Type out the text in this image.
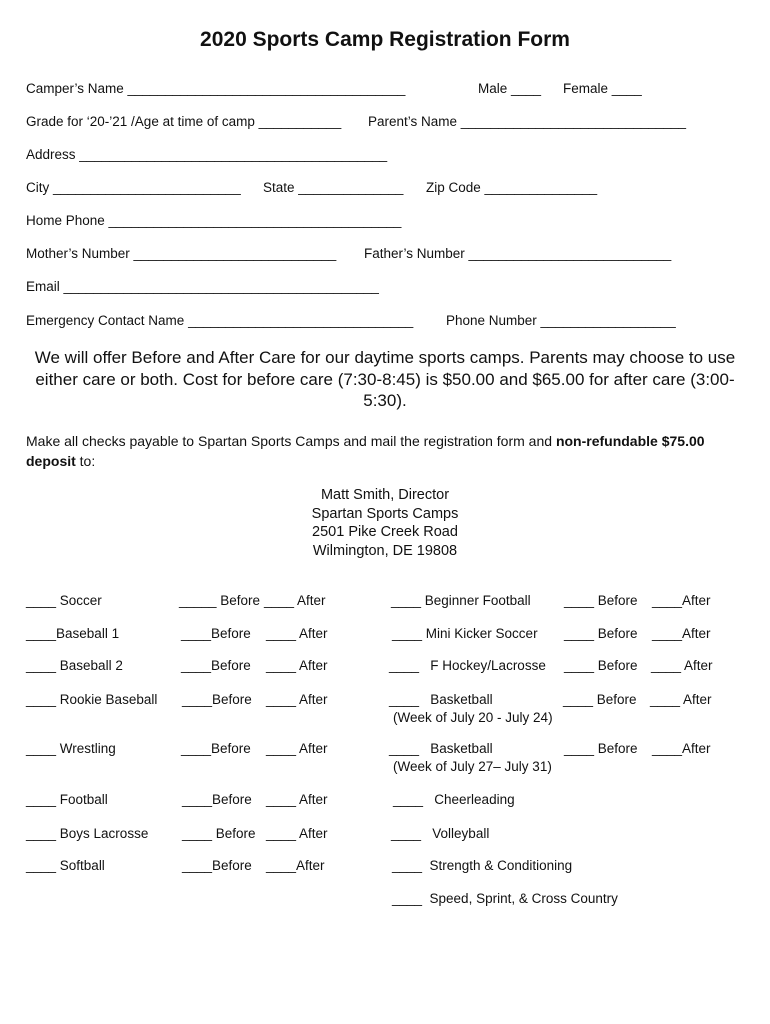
2020 Sports Camp Registration Form
Camper’s Name _____________________________________	Male ____ Female ____
Grade for ‘20-’21 /Age at time of camp ___________ Parent’s Name ______________________________
Address _________________________________________
City _________________________ State ______________ Zip Code _______________
Home Phone _______________________________________
Mother’s Number ___________________________ Father’s Number ___________________________
Email __________________________________________
Emergency Contact Name ______________________________ Phone Number __________________
We will offer Before and After Care for our daytime sports camps. Parents may choose to use either care or both. Cost for before care (7:30-8:45) is $50.00 and $65.00 for after care (3:00-5:30).
Make all checks payable to Spartan Sports Camps and mail the registration form and non-refundable $75.00 deposit to:
Matt Smith, Director
Spartan Sports Camps
2501 Pike Creek Road
Wilmington, DE 19808
____ Soccer	_____ Before ____ After
____Baseball 1	____Before ____ After
____ Baseball 2	____Before ____ After
____ Rookie Baseball ____Before ____ After
____ Wrestling	____Before ____ After
____ Football	____Before ____ After
____ Boys Lacrosse ____ Before ____ After
____ Softball	____Before ____After
____ Beginner Football ____ Before ____After
____ Mini Kicker Soccer ____ Before ____After
____   F Hockey/Lacrosse ____ Before ____ After
____   Basketball
(Week of July 20 - July 24)
____ Before ____ After
____   Basketball
(Week of July 27– July 31)
____ Before ____After
____   Cheerleading
____   Volleyball
____  Strength & Conditioning
____  Speed, Sprint, & Cross Country
